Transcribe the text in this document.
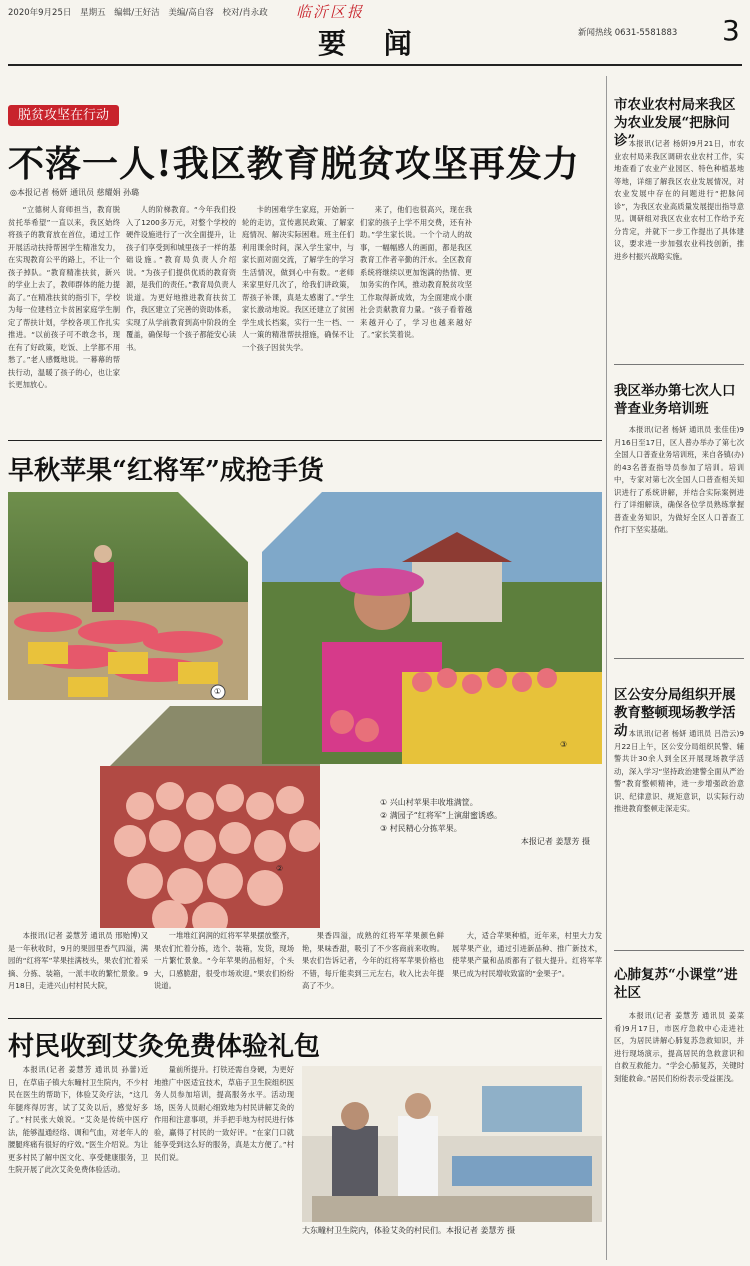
2020年9月25日 星期五 编辑/王好洁 美编/高自容 校对/肖永政 临沂区报
要 闻	新闻热线 0631-5581883 3
脱贫攻坚在行动
不落一人!我区教育脱贫攻坚再发力
◎本报记者 杨妍 通讯员 慈耀娟 孙璐

“立德树人育师担当，教育脱贫托举希望”一直以来，我区始终将孩子的教育放在首位，通过工作开展活动扶持帮困学生精准发力，在实现教育公平的路上，不让一个孩子掉队。“教育精准扶贫，新兴的学业上去了，教师群体的能力提高了。”在精准扶贫的指引下，学校为每一位建档立卡贫困家庭学生制定了帮扶计划，学校各项工作扎实推进。“以前孩子可不敢念书，现在有了好政策，吃饭、上学都不用愁了。”老人感慨地说。一幕幕的帮扶行动，温暖了孩子的心，也让家长更加放心。

人的阶梯教育。“今年我们投入了1200多万元，对整个学校的硬件设施进行了一次全面提升，让孩子们享受到和城里孩子一样的基础设施。”教育局负责人介绍说。“为孩子们提供优质的教育资源，是我们的责任。”教育局负责人说道。为更好地推进教育扶贫工作，我区建立了完善的资助体系，实现了从学前教育到高中阶段的全覆盖，确保每一个孩子都能安心读书。

卡的困难学生家庭，开始新一轮的走访，宣传惠民政策、了解家庭情况、解决实际困难。班主任们利用课余时间，深入学生家中，与家长面对面交流，了解学生的学习生活情况，做到心中有数。“老师来家里好几次了，给我们讲政策，帮孩子补课，真是太感谢了。”学生家长激动地说。我区还建立了贫困学生成长档案，实行一生一档、一人一策的精准帮扶措施，确保不让一个孩子因贫失学。

来了，他们也很高兴，现在我们家的孩子上学不用交费，还有补助。”学生家长说。一个个动人的故事，一幅幅感人的画面，都是我区教育工作者辛勤的汗水。全区教育系统将继续以更加饱满的热情、更加务实的作风，推动教育脱贫攻坚工作取得新成效，为全面建成小康社会贡献教育力量。“孩子看着越来越开心了，学习也越来越好了。”家长笑着说。

早秋苹果“红将军”成抢手货
①
②
③
① 兴山村苹果丰收堆满筐。
② 满园子“红将军”上演甜蜜诱惑。
③ 村民精心分拣苹果。
本报记者 姜慧芳 摄

本报讯(记者 姜慧芳 通讯员 邢贻博)又是一年秋收时，9月的果园里香气四溢，满园的“红将军”苹果挂满枝头，果农们忙着采摘、分拣、装箱，一派丰收的繁忙景象。9月18日，走进兴山村村民大院，

一堆堆红润润的红将军苹果摆放整齐，果农们忙着分拣，选个、装箱，发货，现场一片繁忙景象。“今年苹果的品相好，个头大，口感脆甜，很受市场欢迎。”果农们纷纷说道。

果香四溢，成熟的红将军苹果颜色鲜艳，果味香甜，吸引了不少客商前来收购。果农们告诉记者，今年的红将军苹果价格也不错，每斤能卖到三元左右，收入比去年提高了不少。

大，适合苹果种植，近年来，村里大力发展苹果产业，通过引进新品种、推广新技术，使苹果产量和品质都有了很大提升。红将军苹果已成为村民增收致富的“金果子”。

村民收到艾灸免费体验礼包

本报讯(记者 姜慧芳 通讯员 孙蕾)近日，在草庙子镇大东疃村卫生院内，不少村民在医生的帮助下，体验艾灸疗法，“这几年腿疼得厉害，试了艾灸以后，感觉好多了。”村民张大娘说。“艾灸是传统中医疗法，能够温通经络、调和气血，对老年人的腰腿疼痛有很好的疗效。”医生介绍说。为让更多村民了解中医文化、享受健康服务，卫生院开展了此次艾灸免费体验活动。

量前所提升。打铁还需自身硬，为更好地推广中医适宜技术，草庙子卫生院组织医务人员参加培训，提高服务水平。活动现场，医务人员耐心细致地为村民讲解艾灸的作用和注意事项，并手把手地为村民进行体验，赢得了村民的一致好评。“在家门口就能享受到这么好的服务，真是太方便了。”村民们说。

大东疃村卫生院内，体验艾灸的村民们。本报记者 姜慧芳 摄
市农业农村局来我区为农业发展“把脉问诊”

本报讯(记者 杨妍)9月21日，市农业农村局来我区调研农业农村工作，实地查看了农业产业园区、特色种植基地等地，详细了解我区农业发展情况，对农业发展中存在的问题进行“把脉问诊”，为我区农业高质量发展提出指导意见。调研组对我区农业农村工作给予充分肯定，并就下一步工作提出了具体建议，要求进一步加强农业科技创新，推进乡村振兴战略实施。

我区举办第七次人口普查业务培训班

本报讯(记者 杨妍 通讯员 张佳佳)9月16日至17日，区人普办举办了第七次全国人口普查业务培训班，来自各镇(办)的43名普查指导员参加了培训。培训中，专家对第七次全国人口普查相关知识进行了系统讲解，并结合实际案例进行了详细解读，确保各位学员熟练掌握普查业务知识，为做好全区人口普查工作打下坚实基础。

区公安分局组织开展教育整顿现场教学活动 本讯讯(记者 杨妍 通讯员 吕浩云)9月22日上午，区公安分局组织民警、辅警共计30余人到全区开展现场教学活动，深入学习“坚持政治建警全面从严治警”教育整顿精神，进一步增强政治意识、纪律意识、规矩意识，以实际行动推进教育整顿走深走实。

心肺复苏“小课堂”进社区

本报讯(记者 姜慧芳 通讯员 姜菜肴)9月17日，市医疗急救中心走进社区，为居民讲解心肺复苏急救知识，并进行现场演示，提高居民的急救意识和自救互救能力。“学会心肺复苏，关键时刻能救命。”居民们纷纷表示受益匪浅。
